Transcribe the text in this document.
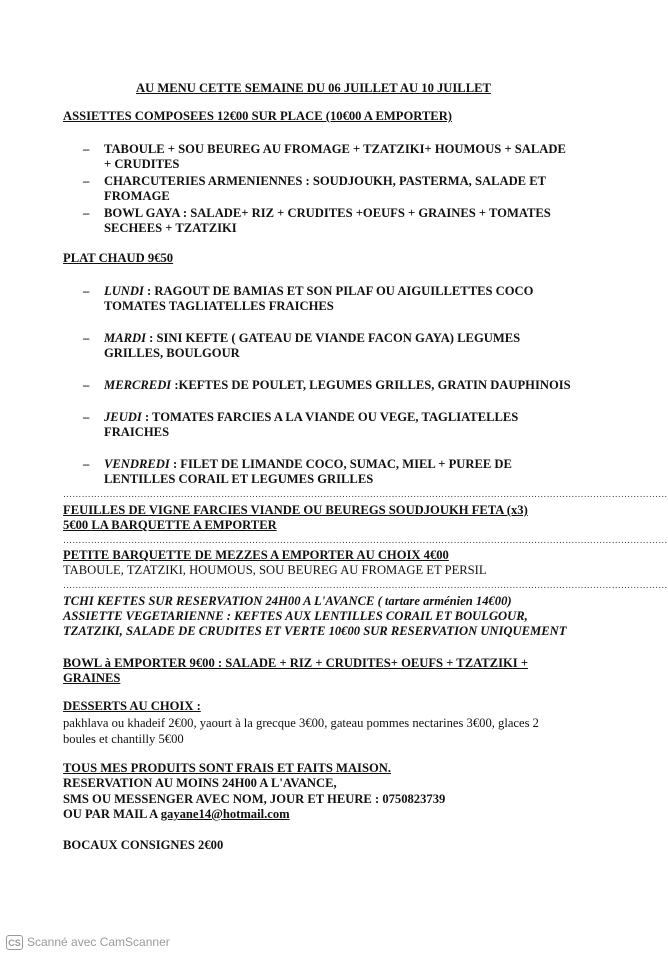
AU MENU CETTE SEMAINE DU 06 JUILLET AU 10 JUILLET
ASSIETTES COMPOSEES 12€00 SUR PLACE (10€00 A EMPORTER)
– TABOULE + SOU BEUREG AU FROMAGE + TZATZIKI+ HOUMOUS + SALADE
+ CRUDITES
– CHARCUTERIES ARMENIENNES : SOUDJOUKH, PASTERMA, SALADE ET
FROMAGE
– BOWL GAYA : SALADE+ RIZ + CRUDITES +OEUFS + GRAINES + TOMATES
SECHEES + TZATZIKI
PLAT CHAUD 9€50
– LUNDI : RAGOUT DE BAMIAS ET SON PILAF OU AIGUILLETTES COCO
TOMATES TAGLIATELLES FRAICHES
– MARDI : SINI KEFTE ( GATEAU DE VIANDE FACON GAYA) LEGUMES
GRILLES, BOULGOUR
– MERCREDI :KEFTES DE POULET, LEGUMES GRILLES, GRATIN DAUPHINOIS
– JEUDI : TOMATES FARCIES A LA VIANDE OU VEGE, TAGLIATELLES
FRAICHES
– VENDREDI : FILET DE LIMANDE COCO, SUMAC, MIEL + PUREE DE
LENTILLES CORAIL ET LEGUMES GRILLES
……………………………………………………………………………………………………………………………………………………………………………
FEUILLES DE VIGNE FARCIES VIANDE OU BEUREGS SOUDJOUKH FETA (x3)
5€00 LA BARQUETTE A EMPORTER
……………………………………………………………………………………………………………………………………………………………………………
PETITE BARQUETTE DE MEZZES A EMPORTER AU CHOIX 4€00
TABOULE, TZATZIKI, HOUMOUS, SOU BEUREG AU FROMAGE ET PERSIL
……………………………………………………………………………………………………………………………………………………………………………
TCHI KEFTES SUR RESERVATION 24H00 A L'AVANCE ( tartare arménien 14€00)
ASSIETTE VEGETARIENNE : KEFTES AUX LENTILLES CORAIL ET BOULGOUR,
TZATZIKI, SALADE DE CRUDITES ET VERTE 10€00 SUR RESERVATION UNIQUEMENT
BOWL à EMPORTER 9€00 : SALADE + RIZ + CRUDITES+ OEUFS + TZATZIKI +
GRAINES
DESSERTS AU CHOIX :
pakhlava ou khadeif 2€00, yaourt à la grecque 3€00, gateau pommes nectarines 3€00, glaces 2
boules et chantilly 5€00
TOUS MES PRODUITS SONT FRAIS ET FAITS MAISON.
RESERVATION AU MOINS 24H00 A L'AVANCE,
SMS OU MESSENGER AVEC NOM, JOUR ET HEURE : 0750823739
OU PAR MAIL A gayane14@hotmail.com
BOCAUX CONSIGNES 2€00
CS Scanné avec CamScanner
